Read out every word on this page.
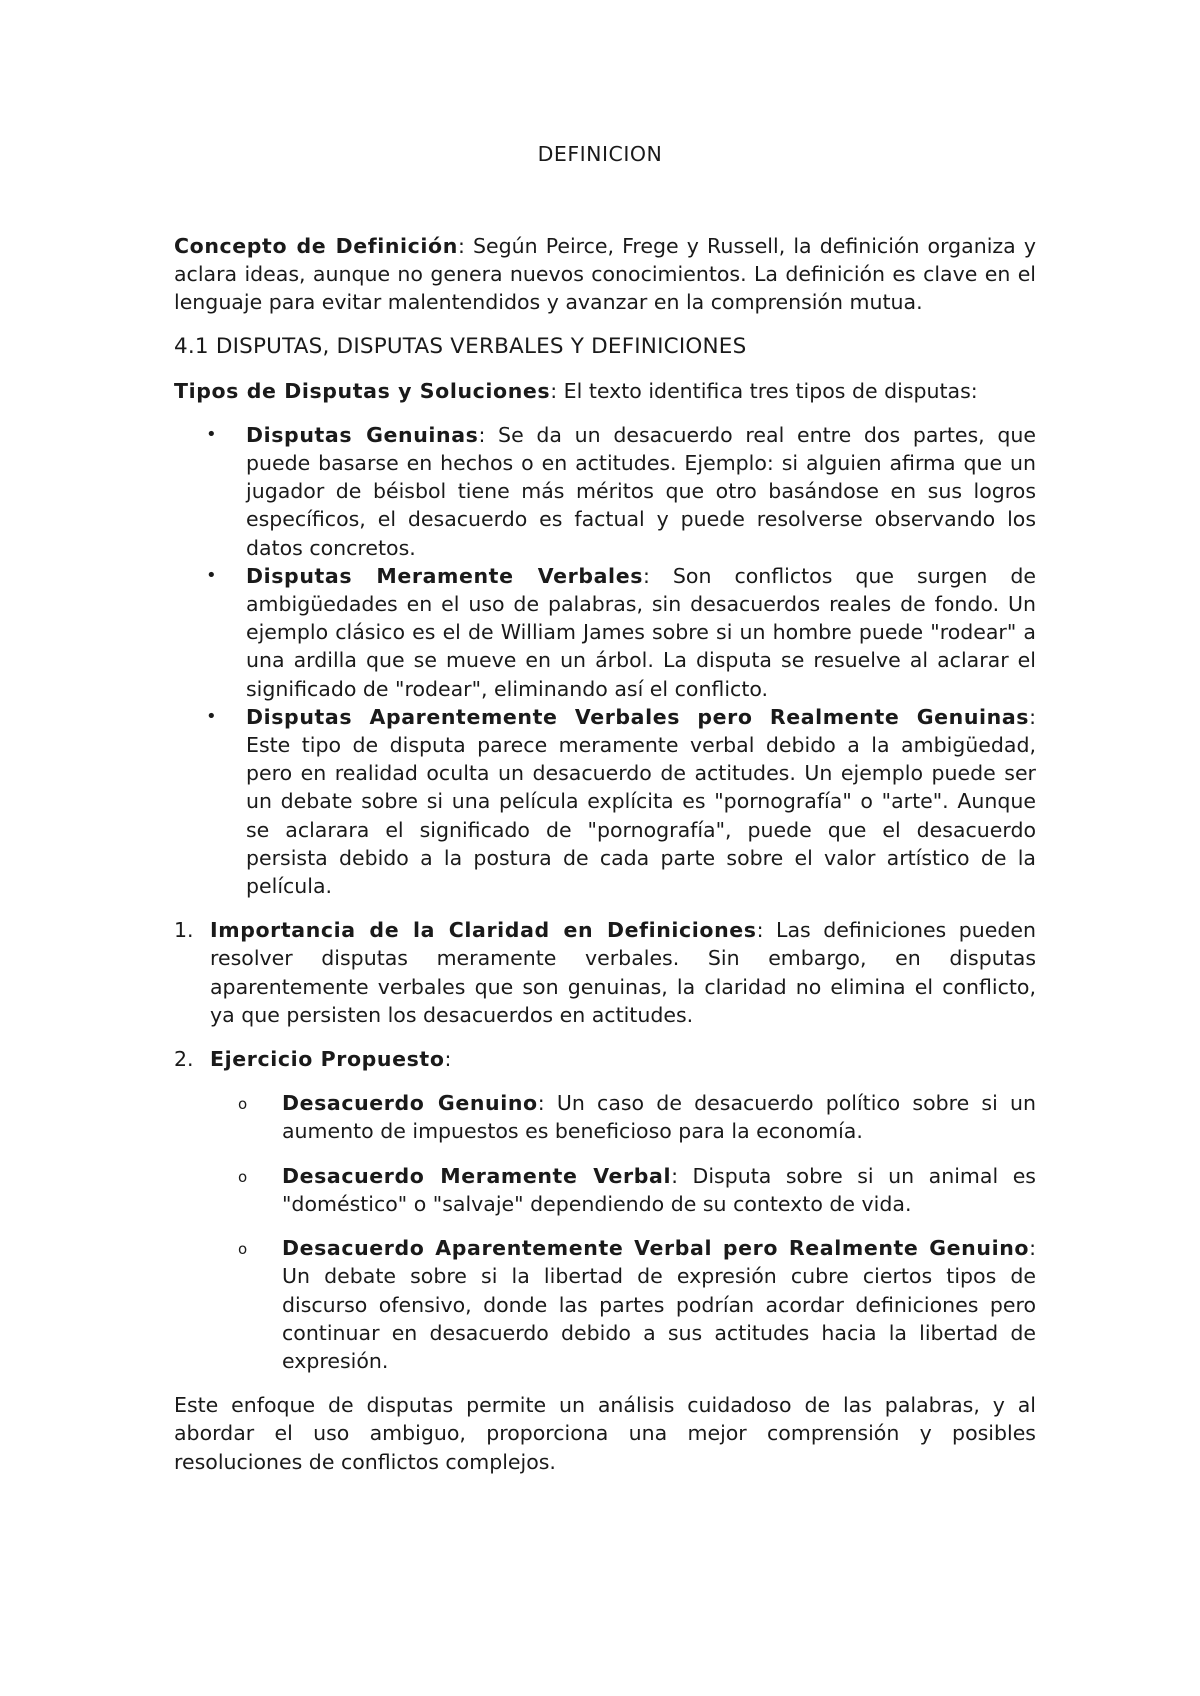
DEFINICION

Concepto de Definición: Según Peirce, Frege y Russell, la definición organiza y aclara ideas, aunque no genera nuevos conocimientos. La definición es clave en el lenguaje para evitar malentendidos y avanzar en la comprensión mutua.

4.1 DISPUTAS, DISPUTAS VERBALES Y DEFINICIONES

Tipos de Disputas y Soluciones: El texto identifica tres tipos de disputas:

• Disputas Genuinas: Se da un desacuerdo real entre dos partes, que puede basarse en hechos o en actitudes. Ejemplo: si alguien afirma que un jugador de béisbol tiene más méritos que otro basándose en sus logros específicos, el desacuerdo es factual y puede resolverse observando los datos concretos.
• Disputas Meramente Verbales: Son conflictos que surgen de ambigüedades en el uso de palabras, sin desacuerdos reales de fondo. Un ejemplo clásico es el de William James sobre si un hombre puede "rodear" a una ardilla que se mueve en un árbol. La disputa se resuelve al aclarar el significado de "rodear", eliminando así el conflicto.
• Disputas Aparentemente Verbales pero Realmente Genuinas: Este tipo de disputa parece meramente verbal debido a la ambigüedad, pero en realidad oculta un desacuerdo de actitudes. Un ejemplo puede ser un debate sobre si una película explícita es "pornografía" o "arte". Aunque se aclarara el significado de "pornografía", puede que el desacuerdo persista debido a la postura de cada parte sobre el valor artístico de la película.
1. Importancia de la Claridad en Definiciones: Las definiciones pueden resolver disputas meramente verbales. Sin embargo, en disputas aparentemente verbales que son genuinas, la claridad no elimina el conflicto, ya que persisten los desacuerdos en actitudes.
2. Ejercicio Propuesto:
o Desacuerdo Genuino: Un caso de desacuerdo político sobre si un aumento de impuestos es beneficioso para la economía.
o Desacuerdo Meramente Verbal: Disputa sobre si un animal es "doméstico" o "salvaje" dependiendo de su contexto de vida.
o Desacuerdo Aparentemente Verbal pero Realmente Genuino: Un debate sobre si la libertad de expresión cubre ciertos tipos de discurso ofensivo, donde las partes podrían acordar definiciones pero continuar en desacuerdo debido a sus actitudes hacia la libertad de expresión.

Este enfoque de disputas permite un análisis cuidadoso de las palabras, y al abordar el uso ambiguo, proporciona una mejor comprensión y posibles resoluciones de conflictos complejos.
